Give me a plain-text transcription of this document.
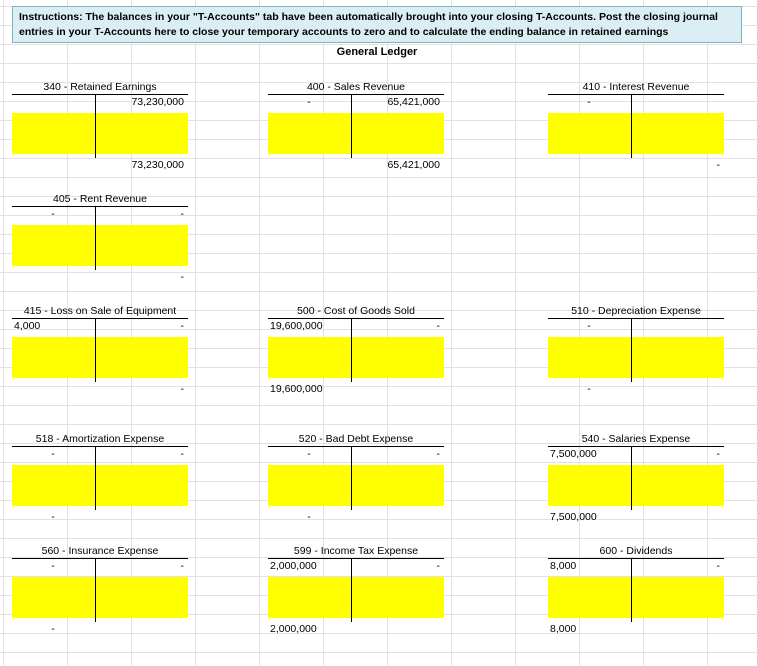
Instructions: The balances in your "T-Accounts" tab have been automatically brought into your closing T-Accounts. Post the closing journal
entries in your T-Accounts here to close your temporary accounts to zero and to calculate the ending balance in retained earnings
General Ledger
340 - Retained Earnings
73,230,000
73,230,000
400 - Sales Revenue
-	65,421,000
65,421,000
410 - Interest Revenue
-
-
405 - Rent Revenue
-	-
-
415 - Loss on Sale of Equipment
4,000	-
-
500 - Cost of Goods Sold
19,600,000	-
19,600,000
510 - Depreciation Expense
-
-
518 - Amortization Expense
-	-
-
520 - Bad Debt Expense
-	-
-
540 - Salaries Expense
7,500,000	-
7,500,000
560 - Insurance Expense
-	-
-
599 - Income Tax Expense
2,000,000	-
2,000,000
600 - Dividends
8,000	-
8,000
